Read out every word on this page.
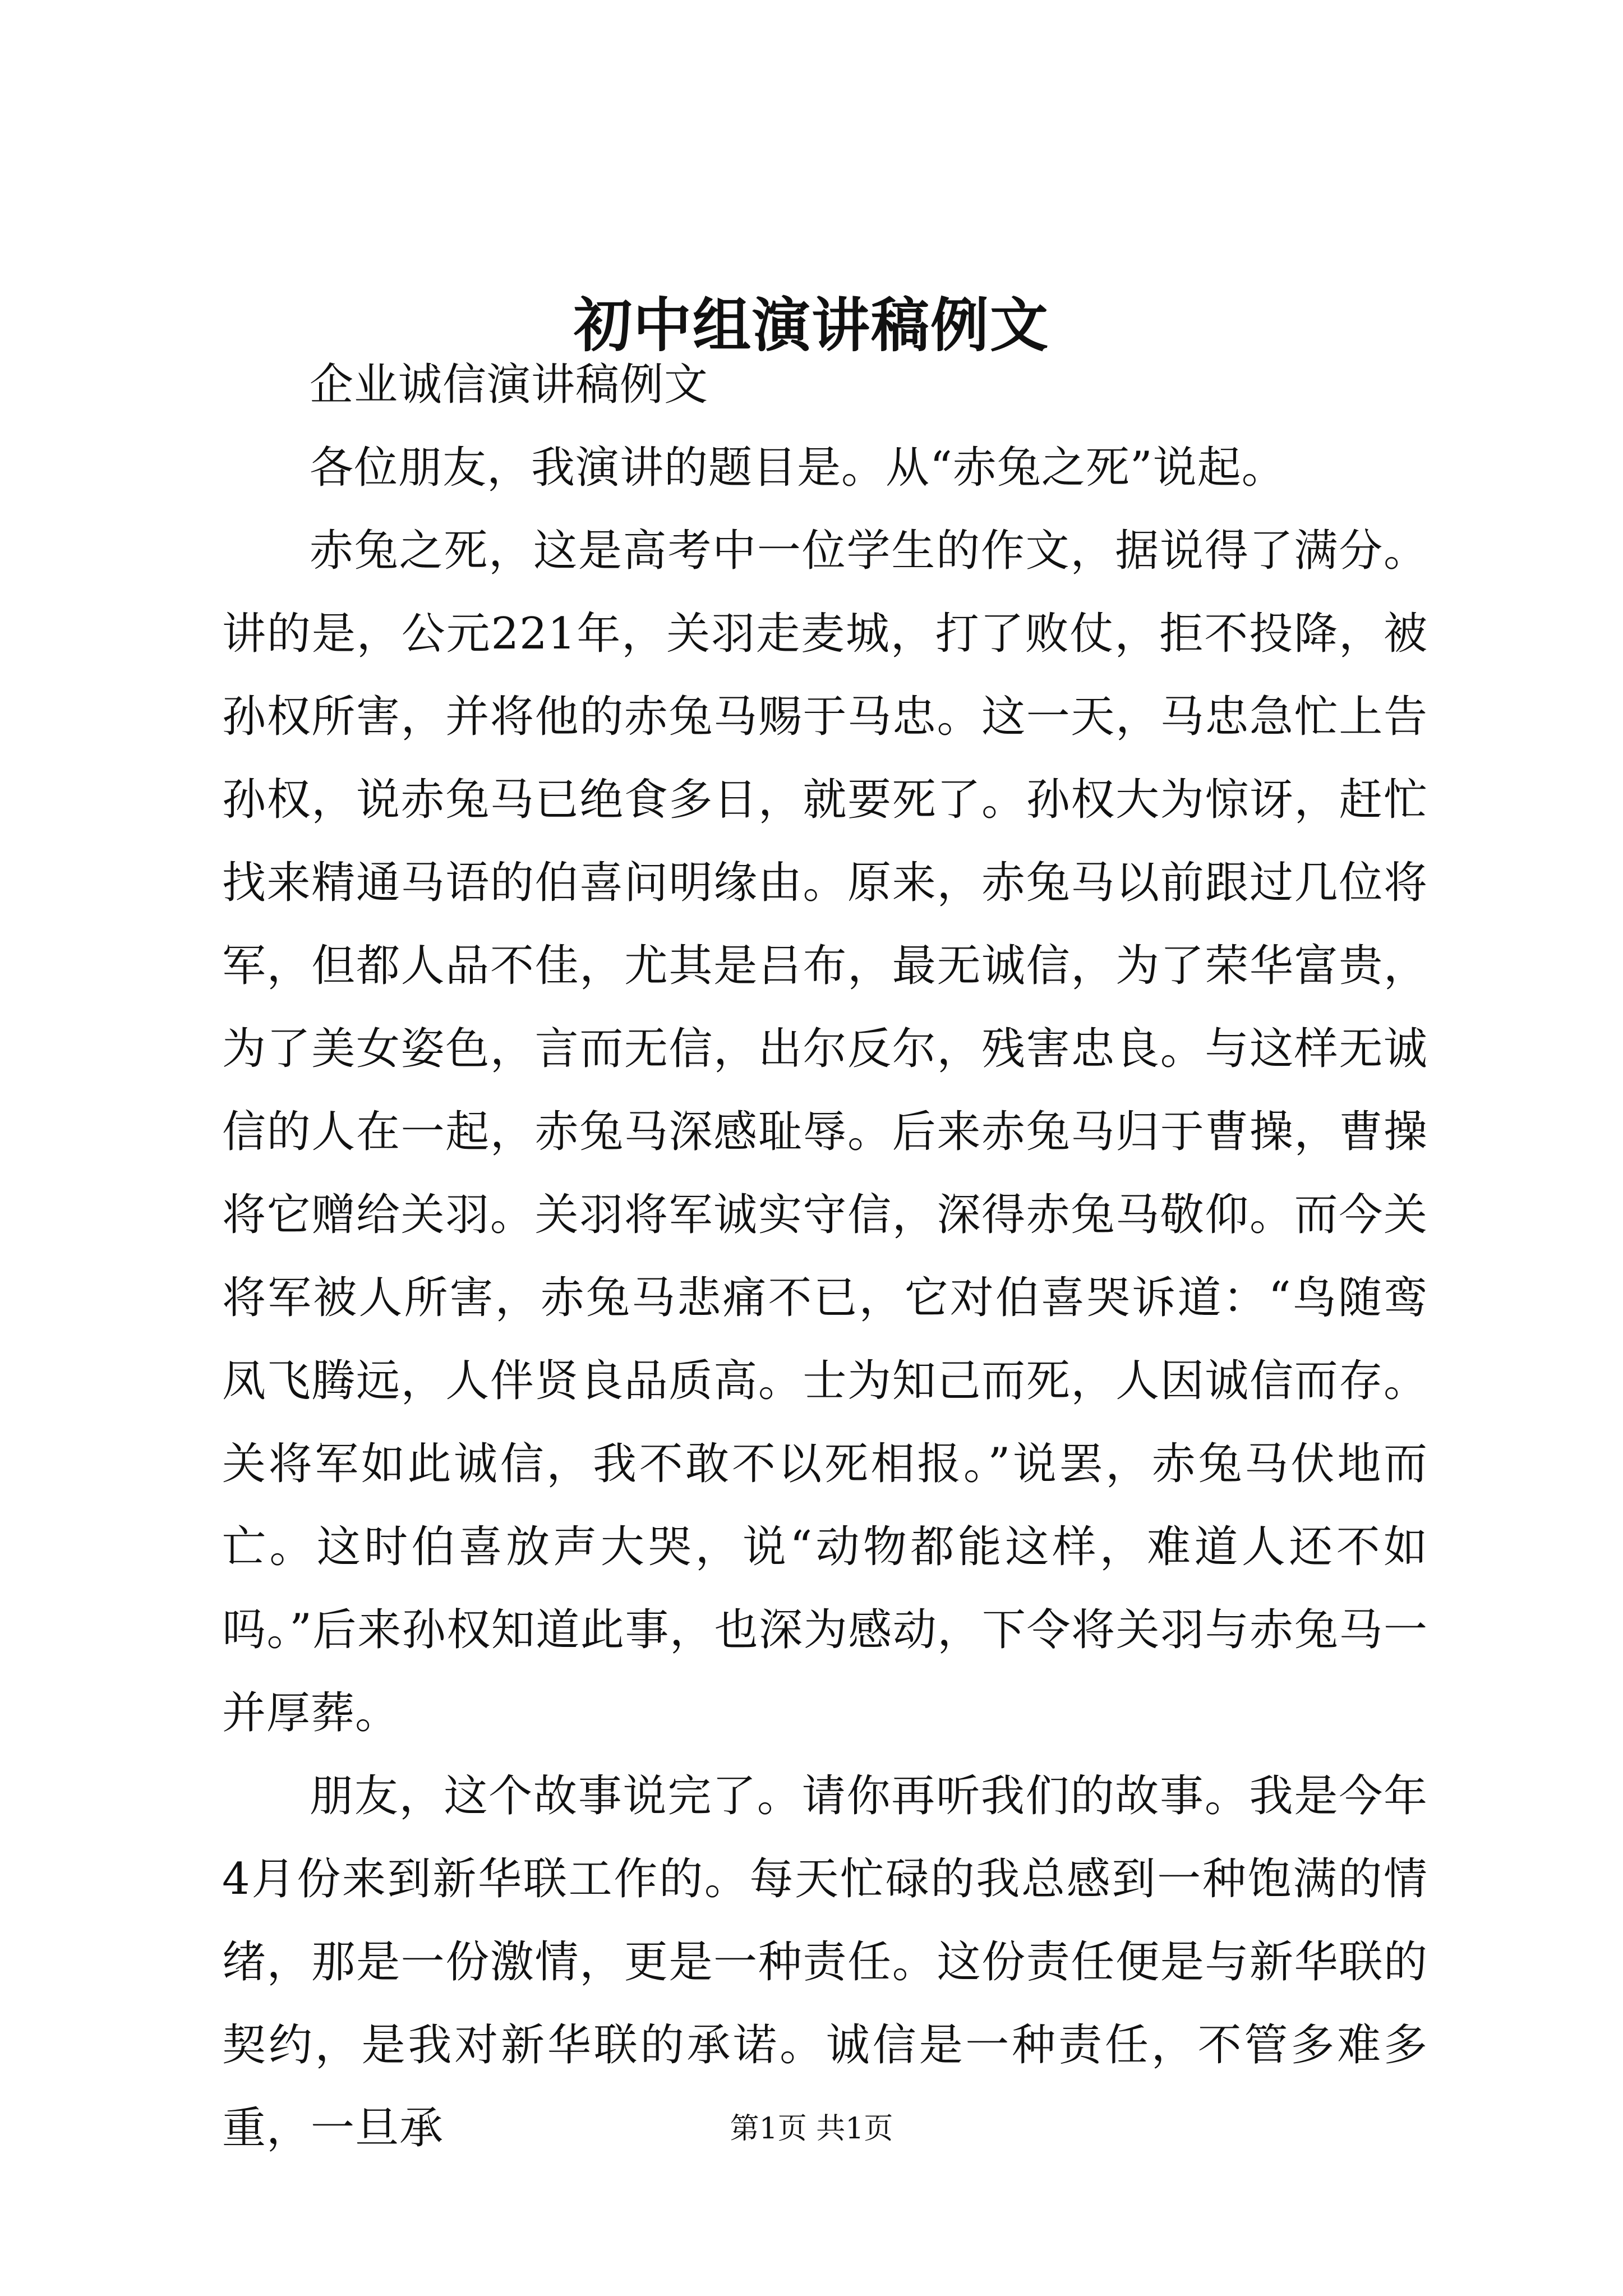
初中组演讲稿例文

企业诚信演讲稿例文

各位朋友，我演讲的题目是。从“赤兔之死”说起。

赤兔之死，这是高考中一位学生的作文，据说得了满分。讲的是，公元221年，关羽走麦城，打了败仗，拒不投降，被孙权所害，并将他的赤兔马赐于马忠。这一天，马忠急忙上告孙权，说赤兔马已绝食多日，就要死了。孙权大为惊讶，赶忙找来精通马语的伯喜问明缘由。原来，赤兔马以前跟过几位将军，但都人品不佳，尤其是吕布，最无诚信，为了荣华富贵，为了美女姿色，言而无信，出尔反尔，残害忠良。与这样无诚信的人在一起，赤兔马深感耻辱。后来赤兔马归于曹操，曹操将它赠给关羽。关羽将军诚实守信，深得赤兔马敬仰。而今关将军被人所害，赤兔马悲痛不已，它对伯喜哭诉道：“鸟随鸾凤飞腾远，人伴贤良品质高。士为知己而死，人因诚信而存。关将军如此诚信，我不敢不以死相报。”说罢，赤兔马伏地而亡。这时伯喜放声大哭，说“动物都能这样，难道人还不如吗。”后来孙权知道此事，也深为感动，下令将关羽与赤兔马一并厚葬。

朋友，这个故事说完了。请你再听我们的故事。我是今年4月份来到新华联工作的。每天忙碌的我总感到一种饱满的情绪，那是一份激情，更是一种责任。这份责任便是与新华联的契约，是我对新华联的承诺。诚信是一种责任，不管多难多重，一旦承	第1页 共1页
